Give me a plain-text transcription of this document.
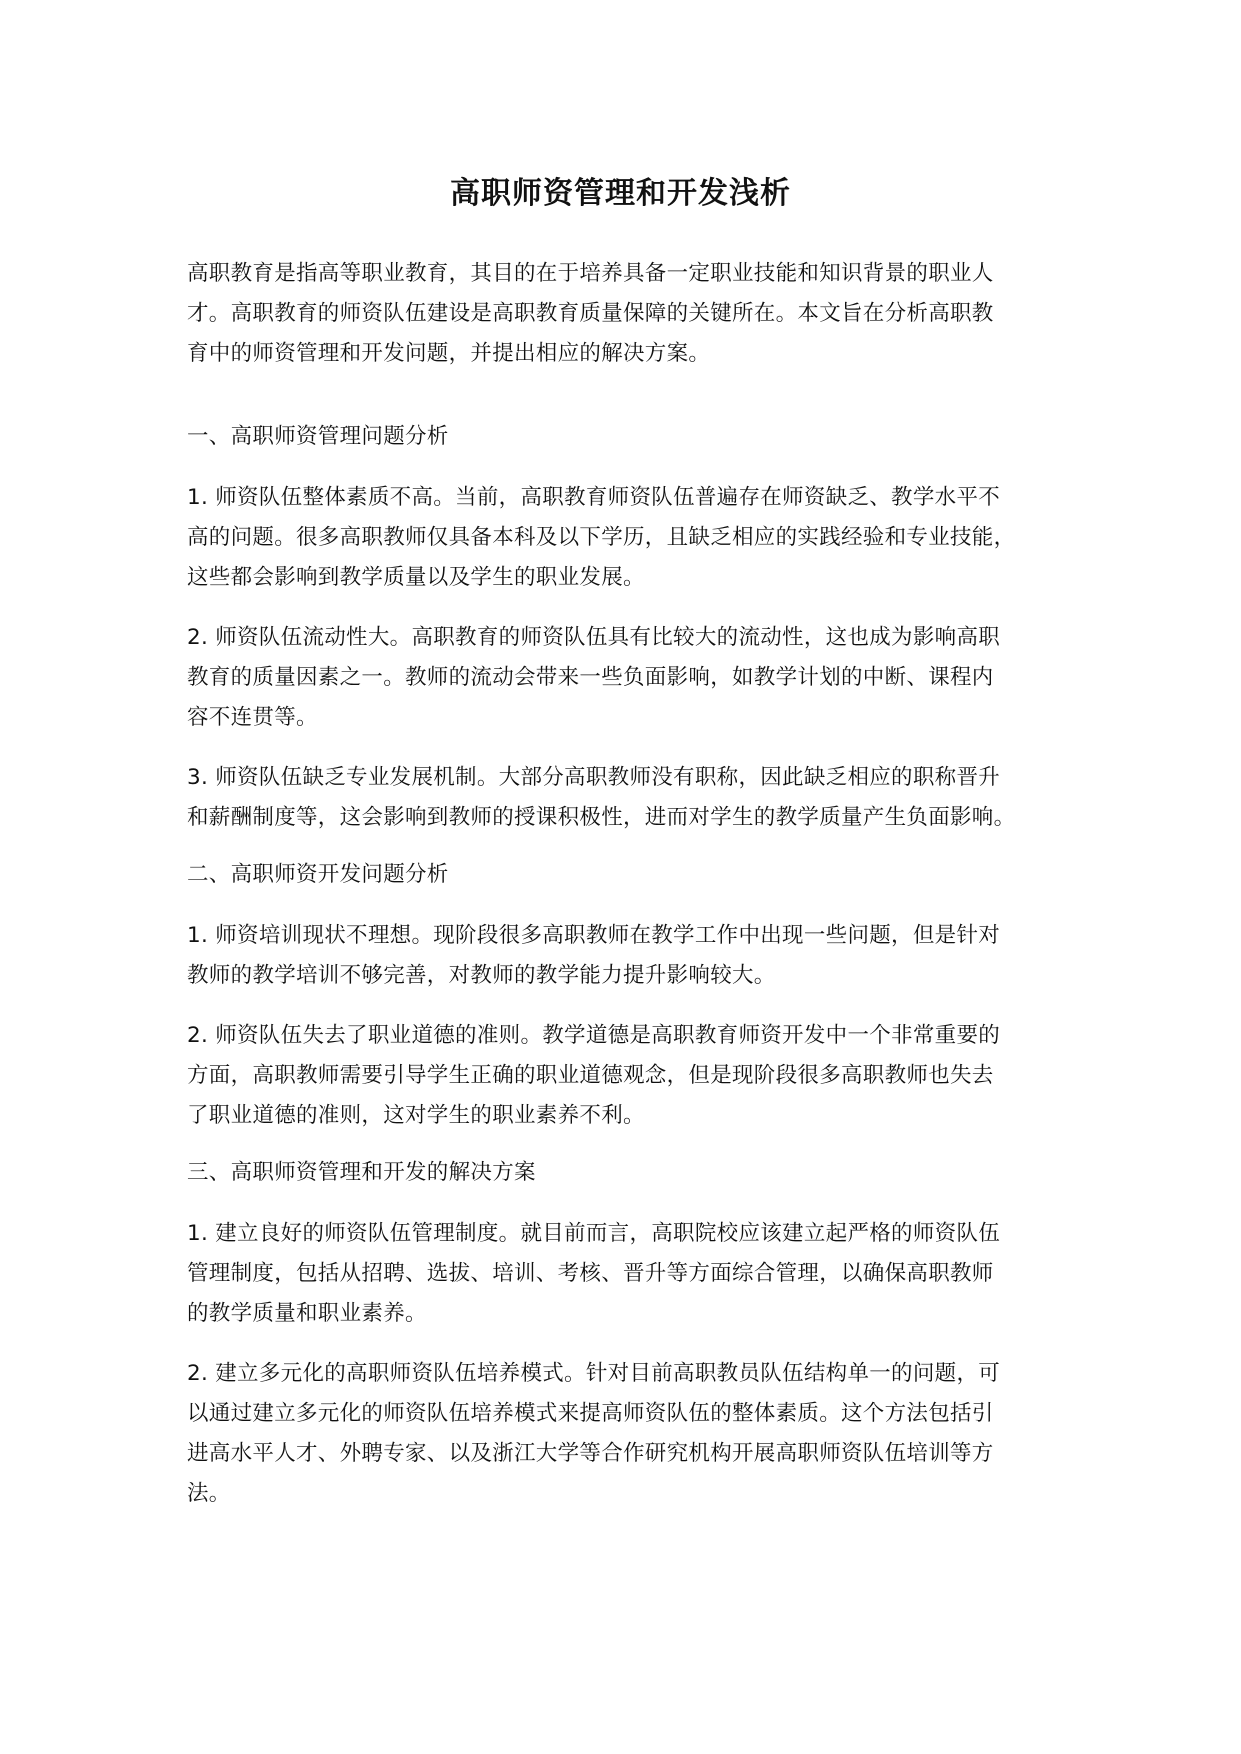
高职师资管理和开发浅析

高职教育是指高等职业教育，其目的在于培养具备一定职业技能和知识背景的职业人
才。高职教育的师资队伍建设是高职教育质量保障的关键所在。本文旨在分析高职教
育中的师资管理和开发问题，并提出相应的解决方案。

一、高职师资管理问题分析

1. 师资队伍整体素质不高。当前，高职教育师资队伍普遍存在师资缺乏、教学水平不
高的问题。很多高职教师仅具备本科及以下学历，且缺乏相应的实践经验和专业技能，
这些都会影响到教学质量以及学生的职业发展。

2. 师资队伍流动性大。高职教育的师资队伍具有比较大的流动性，这也成为影响高职
教育的质量因素之一。教师的流动会带来一些负面影响，如教学计划的中断、课程内
容不连贯等。

3. 师资队伍缺乏专业发展机制。大部分高职教师没有职称，因此缺乏相应的职称晋升
和薪酬制度等，这会影响到教师的授课积极性，进而对学生的教学质量产生负面影响。

二、高职师资开发问题分析

1. 师资培训现状不理想。现阶段很多高职教师在教学工作中出现一些问题，但是针对
教师的教学培训不够完善，对教师的教学能力提升影响较大。

2. 师资队伍失去了职业道德的准则。教学道德是高职教育师资开发中一个非常重要的
方面，高职教师需要引导学生正确的职业道德观念，但是现阶段很多高职教师也失去
了职业道德的准则，这对学生的职业素养不利。

三、高职师资管理和开发的解决方案

1. 建立良好的师资队伍管理制度。就目前而言，高职院校应该建立起严格的师资队伍
管理制度，包括从招聘、选拔、培训、考核、晋升等方面综合管理，以确保高职教师
的教学质量和职业素养。

2. 建立多元化的高职师资队伍培养模式。针对目前高职教员队伍结构单一的问题，可
以通过建立多元化的师资队伍培养模式来提高师资队伍的整体素质。这个方法包括引
进高水平人才、外聘专家、以及浙江大学等合作研究机构开展高职师资队伍培训等方
法。
